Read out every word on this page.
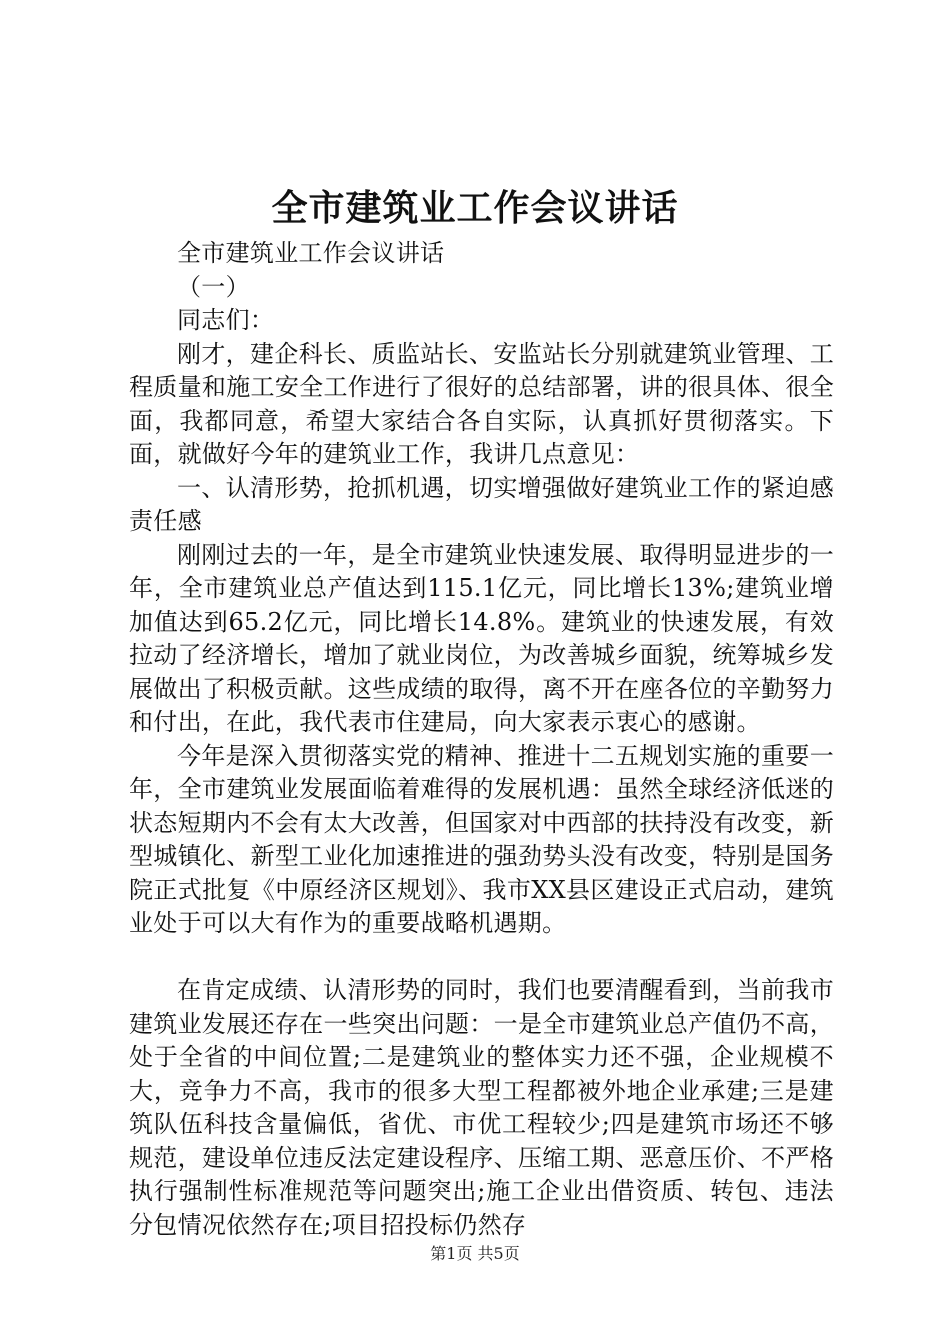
全市建筑业工作会议讲话

全市建筑业工作会议讲话

（一）

同志们：

刚才，建企科长、质监站长、安监站长分别就建筑业管理、工程质量和施工安全工作进行了很好的总结部署，讲的很具体、很全面，我都同意，希望大家结合各自实际，认真抓好贯彻落实。下面，就做好今年的建筑业工作，我讲几点意见：

一、认清形势，抢抓机遇，切实增强做好建筑业工作的紧迫感责任感

刚刚过去的一年，是全市建筑业快速发展、取得明显进步的一年，全市建筑业总产值达到115.1亿元，同比增长13%;建筑业增加值达到65.2亿元，同比增长14.8%。建筑业的快速发展，有效拉动了经济增长，增加了就业岗位，为改善城乡面貌，统筹城乡发展做出了积极贡献。这些成绩的取得，离不开在座各位的辛勤努力和付出，在此，我代表市住建局，向大家表示衷心的感谢。

今年是深入贯彻落实党的精神、推进十二五规划实施的重要一年，全市建筑业发展面临着难得的发展机遇：虽然全球经济低迷的状态短期内不会有太大改善，但国家对中西部的扶持没有改变，新型城镇化、新型工业化加速推进的强劲势头没有改变，特别是国务院正式批复《中原经济区规划》、我市XX县区建设正式启动，建筑业处于可以大有作为的重要战略机遇期。

在肯定成绩、认清形势的同时，我们也要清醒看到，当前我市建筑业发展还存在一些突出问题：一是全市建筑业总产值仍不高，处于全省的中间位置;二是建筑业的整体实力还不强，企业规模不大，竞争力不高，我市的很多大型工程都被外地企业承建;三是建筑队伍科技含量偏低，省优、市优工程较少;四是建筑市场还不够规范，建设单位违反法定建设程序、压缩工期、恶意压价、不严格执行强制性标准规范等问题突出;施工企业出借资质、转包、违法分包情况依然存在;项目招投标仍然存

第1页 共5页
